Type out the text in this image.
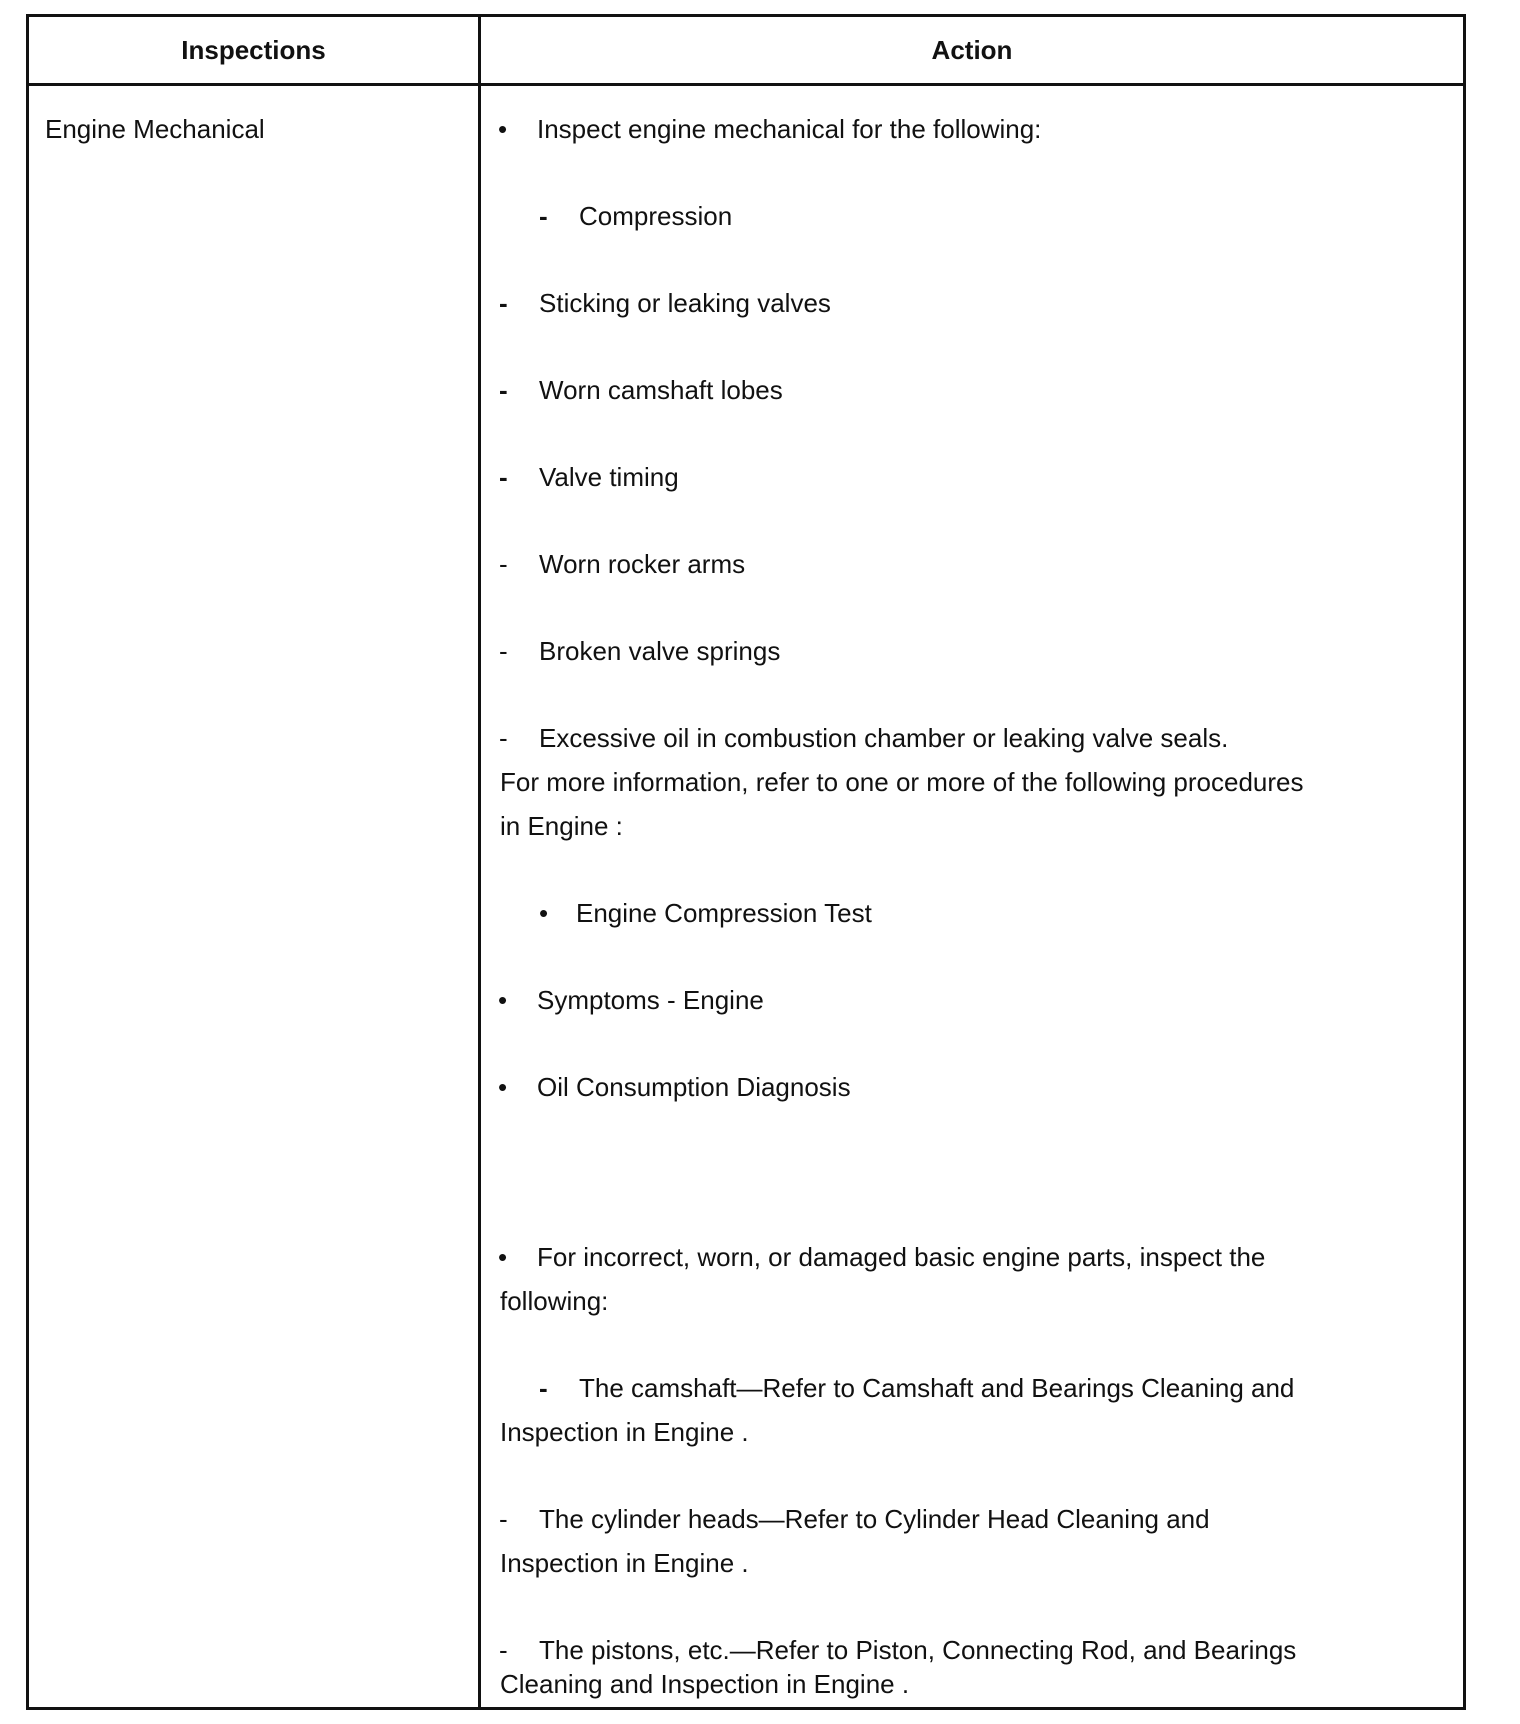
Inspections	Action
Engine Mechanical	• Inspect engine mechanical for the following:
- Compression
- Sticking or leaking valves
- Worn camshaft lobes
- Valve timing
- Worn rocker arms
- Broken valve springs
- Excessive oil in combustion chamber or leaking valve seals.
For more information, refer to one or more of the following procedures
in Engine :
• Engine Compression Test
• Symptoms - Engine
• Oil Consumption Diagnosis
• For incorrect, worn, or damaged basic engine parts, inspect the
following:
- The camshaft—Refer to Camshaft and Bearings Cleaning and
Inspection in Engine .
- The cylinder heads—Refer to Cylinder Head Cleaning and
Inspection in Engine .
- The pistons, etc.—Refer to Piston, Connecting Rod, and Bearings
Cleaning and Inspection in Engine .
